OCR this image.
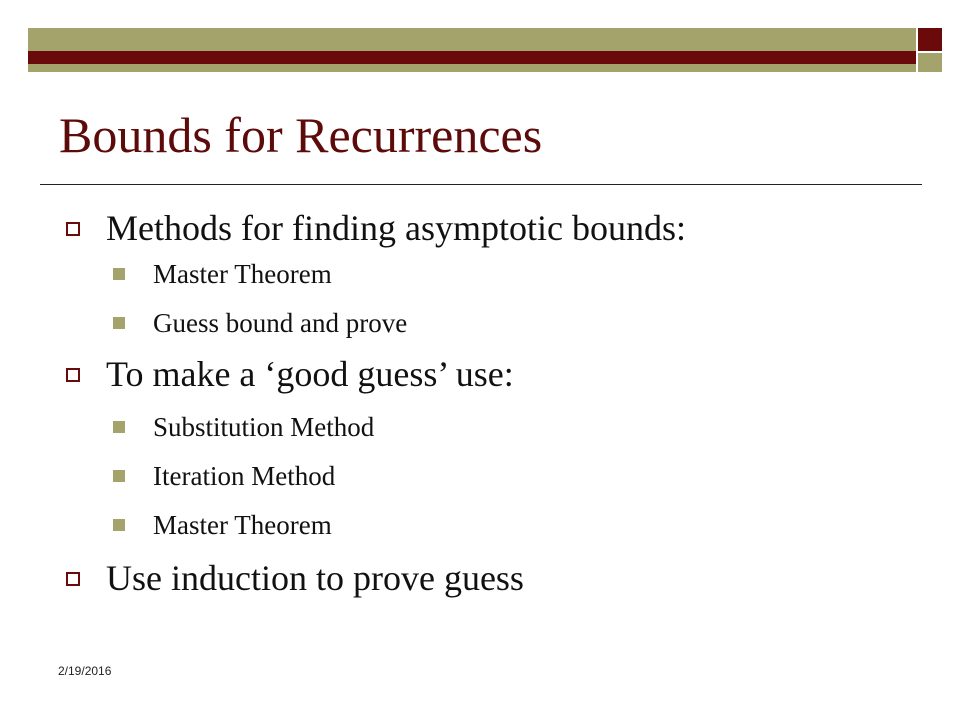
Bounds for Recurrences
Methods for finding asymptotic bounds:
Master Theorem
Guess bound and prove
To make a ‘good guess’ use:
Substitution Method
Iteration Method
Master Theorem
Use induction to prove guess
2/19/2016
